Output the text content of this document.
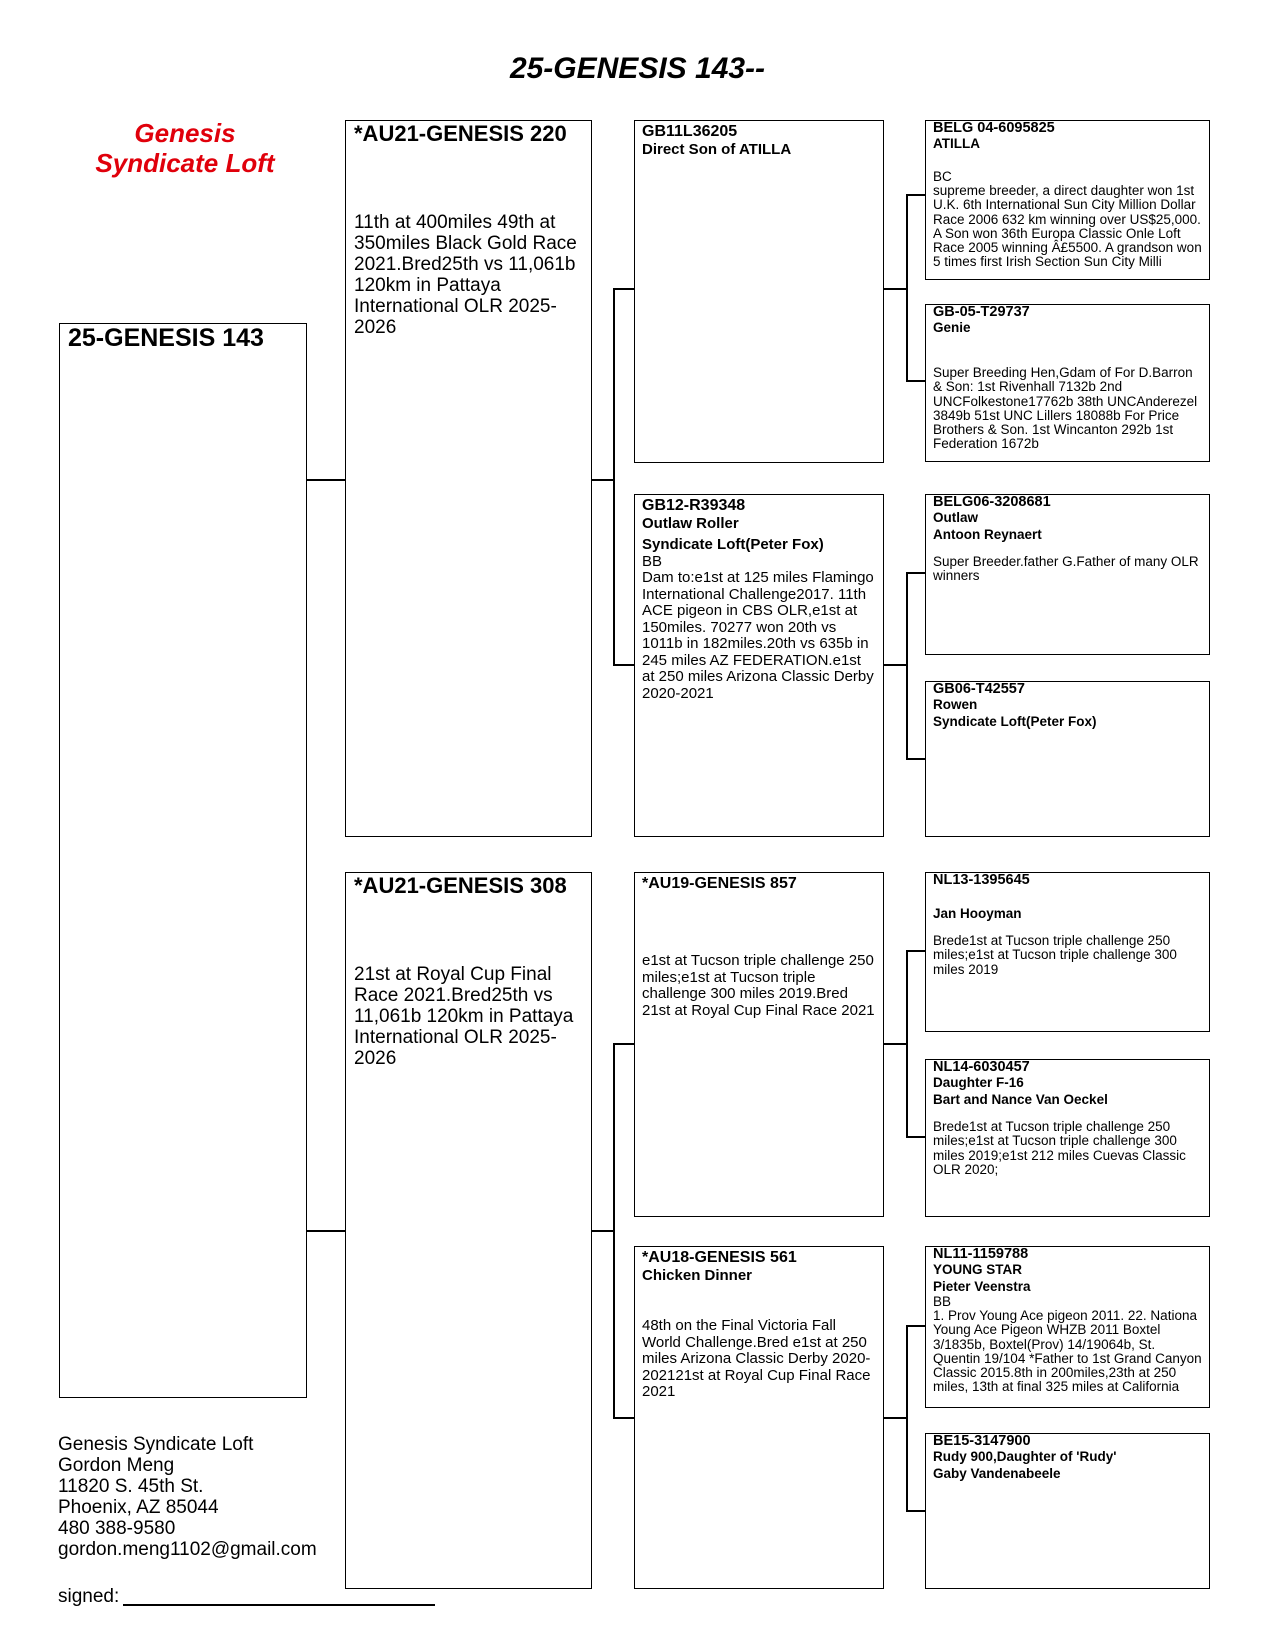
25-GENESIS 143--
Genesis
Syndicate Loft
25-GENESIS 143
*AU21-GENESIS 220
11th at 400miles 49th at 350miles Black Gold Race 2021.Bred25th vs 11,061b 120km in Pattaya International OLR 2025-2026
*AU21-GENESIS 308
21st at Royal Cup Final Race 2021.Bred25th vs 11,061b 120km in Pattaya International OLR 2025-2026
GB11L36205
Direct Son of ATILLA
GB12-R39348
Outlaw Roller
Syndicate Loft(Peter Fox)
BB
Dam to:e1st at 125 miles Flamingo International Challenge2017. 11th ACE pigeon in CBS OLR,e1st at 150miles. 70277 won 20th vs 1011b in 182miles.20th vs 635b in 245 miles AZ FEDERATION.e1st at 250 miles Arizona Classic Derby 2020-2021
*AU19-GENESIS 857
e1st at Tucson triple challenge 250 miles;e1st at Tucson triple challenge 300 miles 2019.Bred 21st at Royal Cup Final Race 2021
*AU18-GENESIS 561
Chicken Dinner
48th on the Final Victoria Fall World Challenge.Bred e1st at 250 miles Arizona Classic Derby 2020-202121st at Royal Cup Final Race 2021
BELG 04-6095825
ATILLA
BC
supreme breeder, a direct daughter won 1st U.K. 6th International Sun City Million Dollar Race 2006 632 km winning over US$25,000. A Son won 36th Europa Classic Onle Loft Race 2005 winning Â£5500. A grandson won 5 times first Irish Section Sun City Milli
GB-05-T29737
Genie
Super Breeding Hen,Gdam of For D.Barron & Son: 1st Rivenhall 7132b 2nd UNCFolkestone17762b 38th UNCAnderezel 3849b 51st UNC Lillers 18088b For Price Brothers & Son. 1st Wincanton 292b 1st Federation 1672b
BELG06-3208681
Outlaw
Antoon Reynaert
Super Breeder.father G.Father of many OLR winners
GB06-T42557
Rowen
Syndicate Loft(Peter Fox)
NL13-1395645
Jan Hooyman
Brede1st at Tucson triple challenge 250 miles;e1st at Tucson triple challenge 300 miles 2019
NL14-6030457
Daughter F-16
Bart and Nance Van Oeckel
Brede1st at Tucson triple challenge 250 miles;e1st at Tucson triple challenge 300 miles 2019;e1st 212 miles Cuevas Classic OLR 2020;
NL11-1159788
YOUNG STAR
Pieter Veenstra
BB
1. Prov Young Ace pigeon 2011. 22. Nationa Young Ace Pigeon WHZB 2011 Boxtel 3/1835b, Boxtel(Prov) 14/19064b, St. Quentin 19/104 *Father to 1st Grand Canyon Classic 2015.8th in 200miles,23th at 250 miles, 13th at final 325 miles at California
BE15-3147900
Rudy 900,Daughter of 'Rudy'
Gaby Vandenabeele
Genesis Syndicate Loft
Gordon Meng
11820 S. 45th St.
Phoenix, AZ 85044
480 388-9580
gordon.meng1102@gmail.com
signed:
